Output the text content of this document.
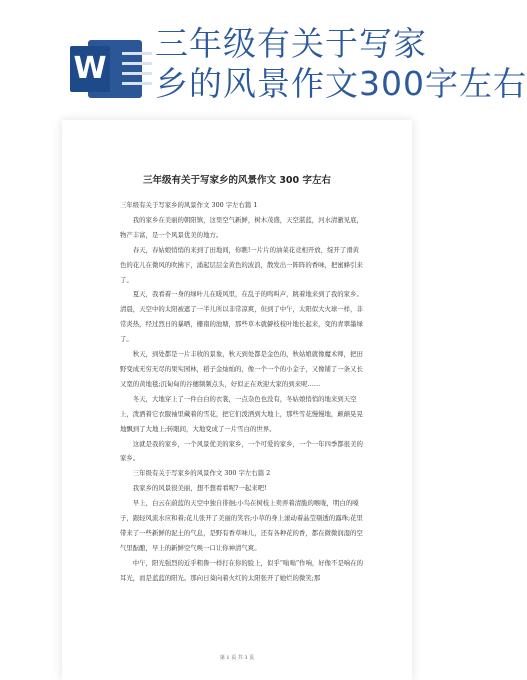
W
三年级有关于写家
乡的风景作文300字左右
三年级有关于写家乡的风景作文 300 字左右

三年级有关于写家乡的风景作文 300 字左右篇 1

我的家乡在美丽的朝阳镇，这里空气新鲜，树木茂盛，天空湛蓝，河水清澈见底，物产丰富，是一个风景优美的地方。

春天，春姑娘悄悄的来到了田地间，你瞧!一片片的油菜花竞相开放，绽开了滑黄色的花儿在微风的吹拂下，涌起层层金黄色的波浪，散发出一阵阵的香味，把蜜蜂引来了。

夏天，我看着一身的绿叶儿在暖风里，在乱子的鸣叫声，跳着地来到了我的家乡。清晨，天空中的太阳被遮了一半儿所以非常凉爽，但到了中午，太阳似大火球一样，非常炎热，经过烈日的暴晒，栅南的池塘，那些草木就僻枝枝叶地长起来，变的青翠墨绿了。

秋天，到处都是一片丰收的景象，秋天到处都是金色的，秋姑娘就像魔术师，把田野变成无穷无尽的果实园林，稻子金灿灿的，像一个一个的小金子，又像铺了一条又长又宽的黄地毯;沉甸甸的谷穗频频点头，好似正在欢迎大家的到来呢……

冬天，大地穿上了一件白白的衣裳，一点杂色也没有，冬姑娘悄悄的地来到天空上，泼洒着它衣服袖里藏着的雪花，把它们泼洒到大地上，那些雪花慢慢地，颠颠晃晃地飘到了大地上;转眼间，大地变成了一片雪白的世界。

这就是我的家乡，一个风景优美的家乡，一个可爱的家乡，一个一年四季都很美的家乡。

三年级有关于写家乡的风景作文 300 字左右篇 2

我家乡的风景很美丽，想不想看看呢?一起来吧!

早上，白云在蔚蓝的天空中独自徘徊;小鸟在树枝上卖弄着清脆的喉咙，明白的嗓子，跟轻风流水应和着;花儿张开了美丽的笑容;小草的身上滚动着晶莹剔透的露珠;花里带来了一些新鲜的泥土的气息，是野有香草味儿，还有各种花的香，都在微微润湿的空气里酝酿，早上的新鲜空气唤一口让你神清气爽。

中午，阳光强烈的近乎粗鲁一样打在你的脸上，似乎“嗡嗡”作响，好像不是响在的耳光，而是蓝蓝的阳光。那向日葵向着火红的太阳张开了她烂的微笑;那

第 1 页 共 3 页
